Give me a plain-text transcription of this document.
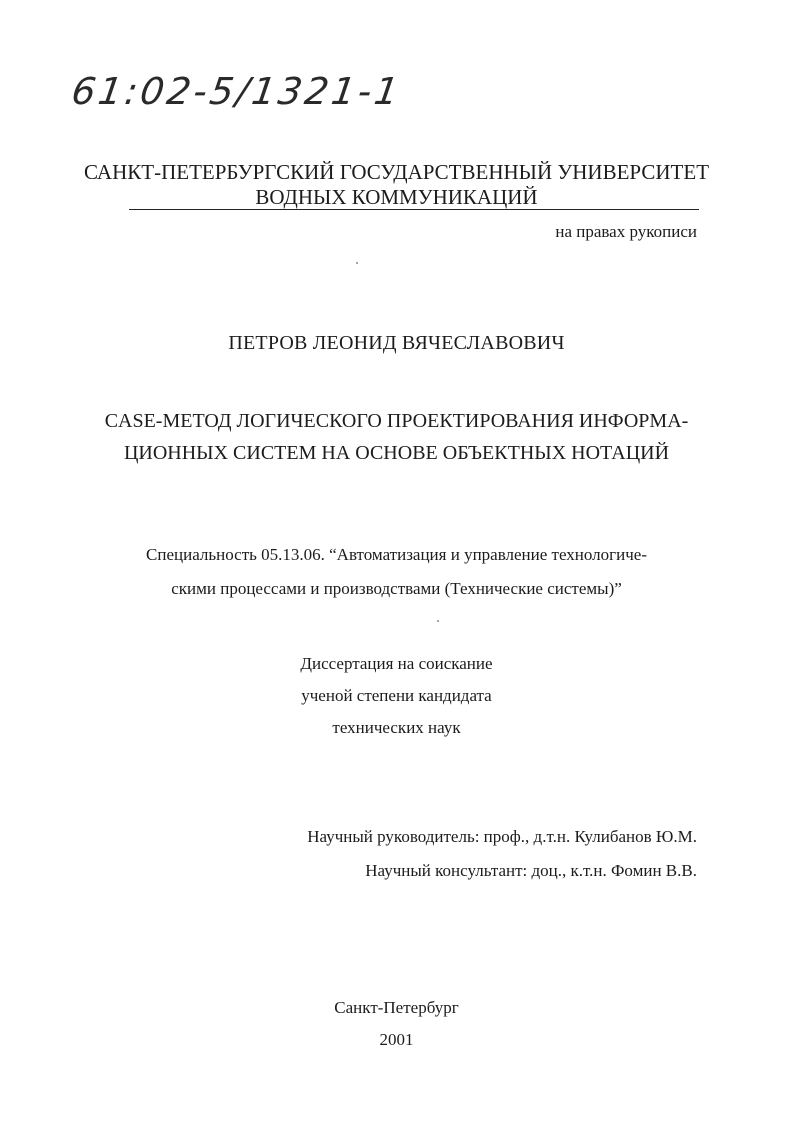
61:02-5/1321-1
САНКТ-ПЕТЕРБУРГСКИЙ ГОСУДАРСТВЕННЫЙ УНИВЕРСИТЕТ
ВОДНЫХ КОММУНИКАЦИЙ
на правах рукописи
ПЕТРОВ ЛЕОНИД ВЯЧЕСЛАВОВИЧ
CASE-МЕТОД ЛОГИЧЕСКОГО ПРОЕКТИРОВАНИЯ ИНФОРМА-
ЦИОННЫХ СИСТЕМ НА ОСНОВЕ ОБЪЕКТНЫХ НОТАЦИЙ
Специальность 05.13.06. “Автоматизация и управление технологиче-
скими процессами и производствами (Технические системы)”
Диссертация на соискание
ученой степени кандидата
технических наук
Научный руководитель: проф., д.т.н. Кулибанов Ю.М.
Научный консультант: доц., к.т.н. Фомин В.В.
Санкт-Петербург
2001
